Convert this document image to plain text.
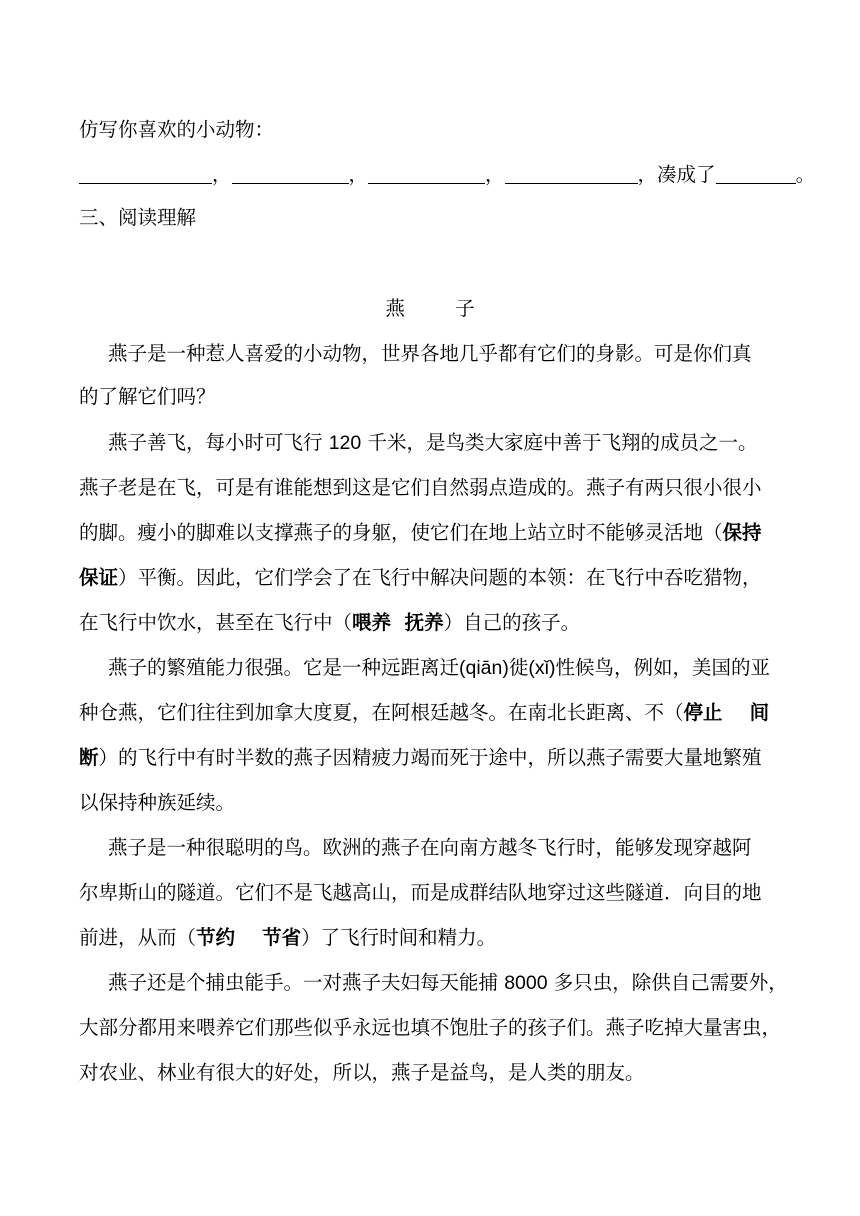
仿写你喜欢的小动物：
，	，	，	，凑成了	。
三、阅读理解
燕 子
燕子是一种惹人喜爱的小动物，世界各地几乎都有它们的身影。可是你们真
的了解它们吗？
燕子善飞，每小时可飞行 120 千米，是鸟类大家庭中善于飞翔的成员之一。
燕子老是在飞，可是有谁能想到这是它们自然弱点造成的。燕子有两只很小很小
的脚。瘦小的脚难以支撑燕子的身躯，使它们在地上站立时不能够灵活地（保持
保证）平衡。因此，它们学会了在飞行中解决问题的本领：在飞行中吞吃猎物，
在飞行中饮水，甚至在飞行中（喂养  抚养）自己的孩子。
燕子的繁殖能力很强。它是一种远距离迁(qiān)徙(xǐ)性候鸟，例如，美国的亚
种仓燕，它们往往到加拿大度夏，在阿根廷越冬。在南北长距离、不（停止    间
断）的飞行中有时半数的燕子因精疲力竭而死于途中，所以燕子需要大量地繁殖
以保持种族延续。
燕子是一种很聪明的鸟。欧洲的燕子在向南方越冬飞行时，能够发现穿越阿
尔卑斯山的隧道。它们不是飞越高山，而是成群结队地穿过这些隧道．向目的地
前进，从而（节约    节省）了飞行时间和精力。
燕子还是个捕虫能手。一对燕子夫妇每天能捕 8000 多只虫，除供自己需要外，
大部分都用来喂养它们那些似乎永远也填不饱肚子的孩子们。燕子吃掉大量害虫，
对农业、林业有很大的好处，所以，燕子是益鸟，是人类的朋友。
